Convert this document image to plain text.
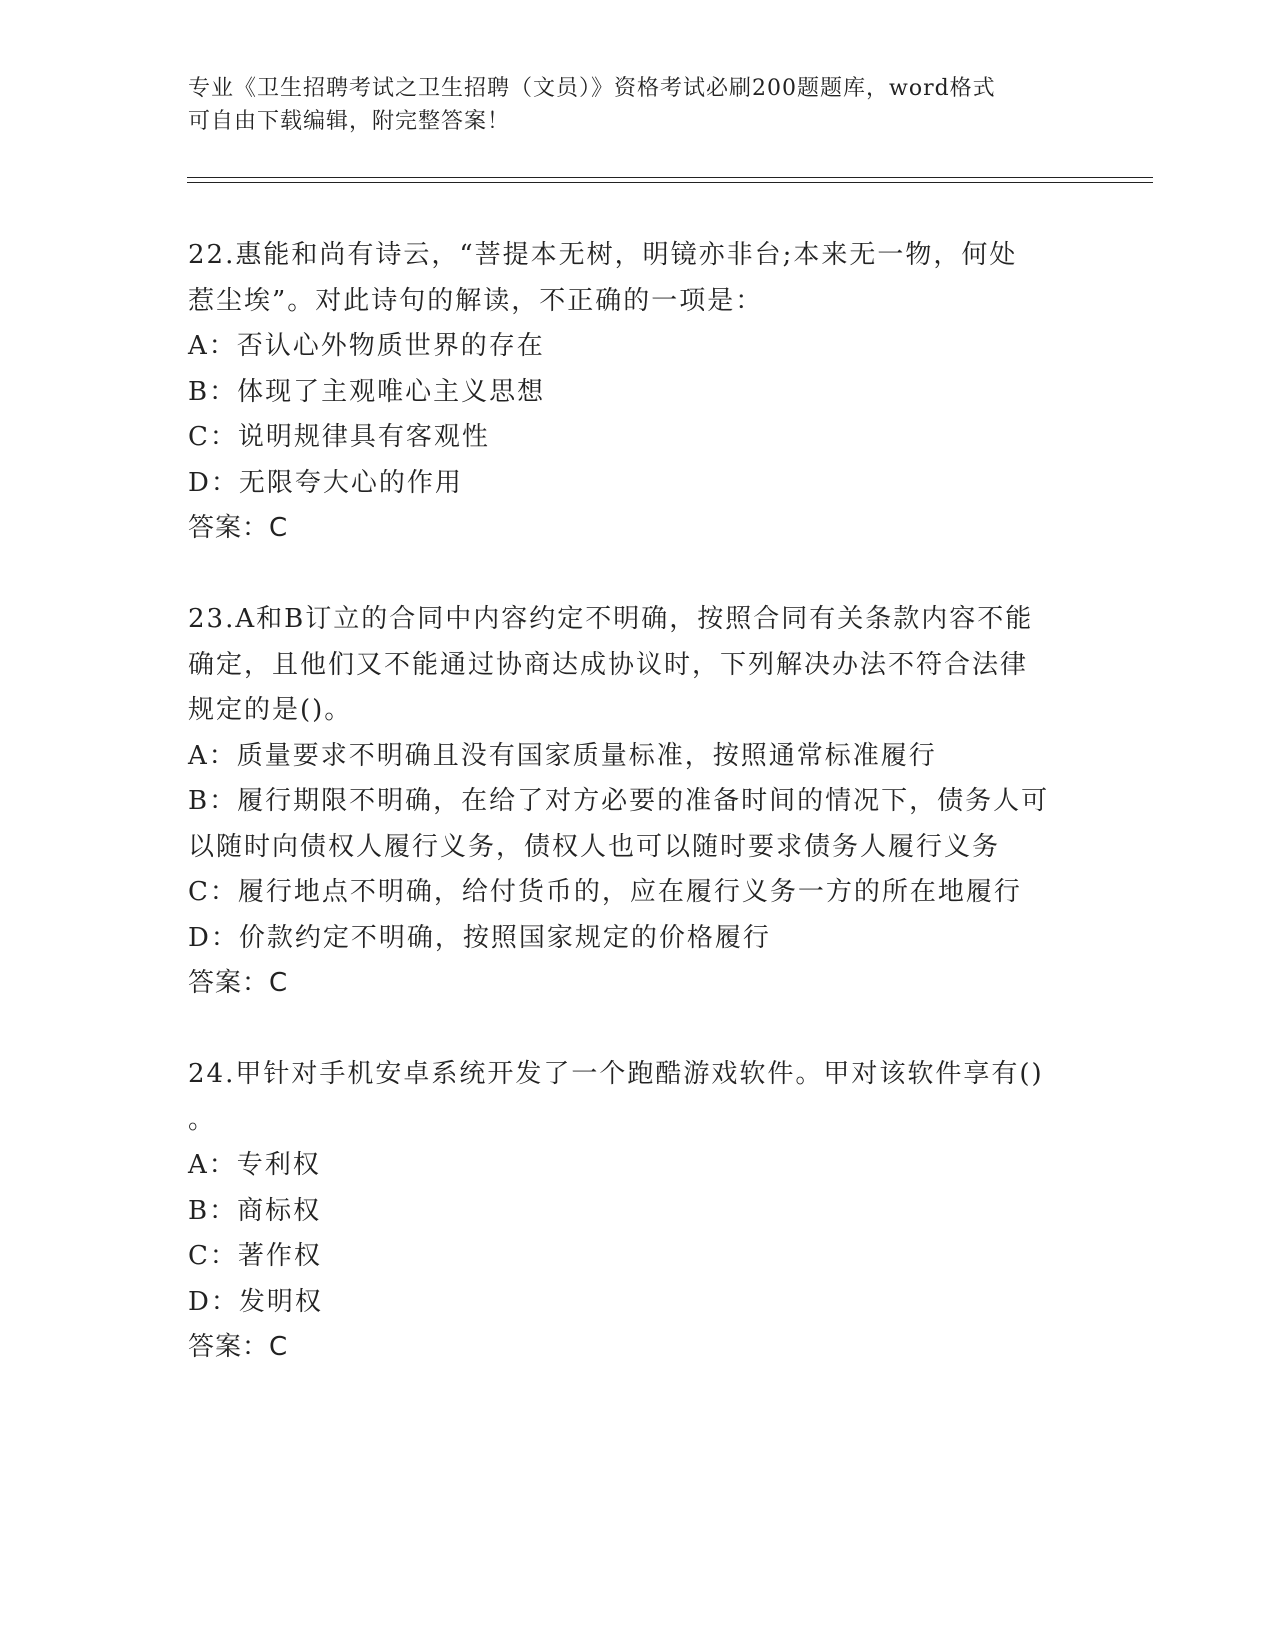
专业《卫生招聘考试之卫生招聘（文员）》资格考试必刷200题题库，word格式
可自由下载编辑，附完整答案！
22.惠能和尚有诗云，“菩提本无树，明镜亦非台;本来无一物，何处
惹尘埃”。对此诗句的解读，不正确的一项是：
A：否认心外物质世界的存在
B：体现了主观唯心主义思想
C：说明规律具有客观性
D：无限夸大心的作用
答案：C
23.A和B订立的合同中内容约定不明确，按照合同有关条款内容不能
确定，且他们又不能通过协商达成协议时，下列解决办法不符合法律
规定的是()。
A：质量要求不明确且没有国家质量标准，按照通常标准履行
B：履行期限不明确，在给了对方必要的准备时间的情况下，债务人可
以随时向债权人履行义务，债权人也可以随时要求债务人履行义务
C：履行地点不明确，给付货币的，应在履行义务一方的所在地履行
D：价款约定不明确，按照国家规定的价格履行
答案：C
24.甲针对手机安卓系统开发了一个跑酷游戏软件。甲对该软件享有()
。
A：专利权
B：商标权
C：著作权
D：发明权
答案：C
